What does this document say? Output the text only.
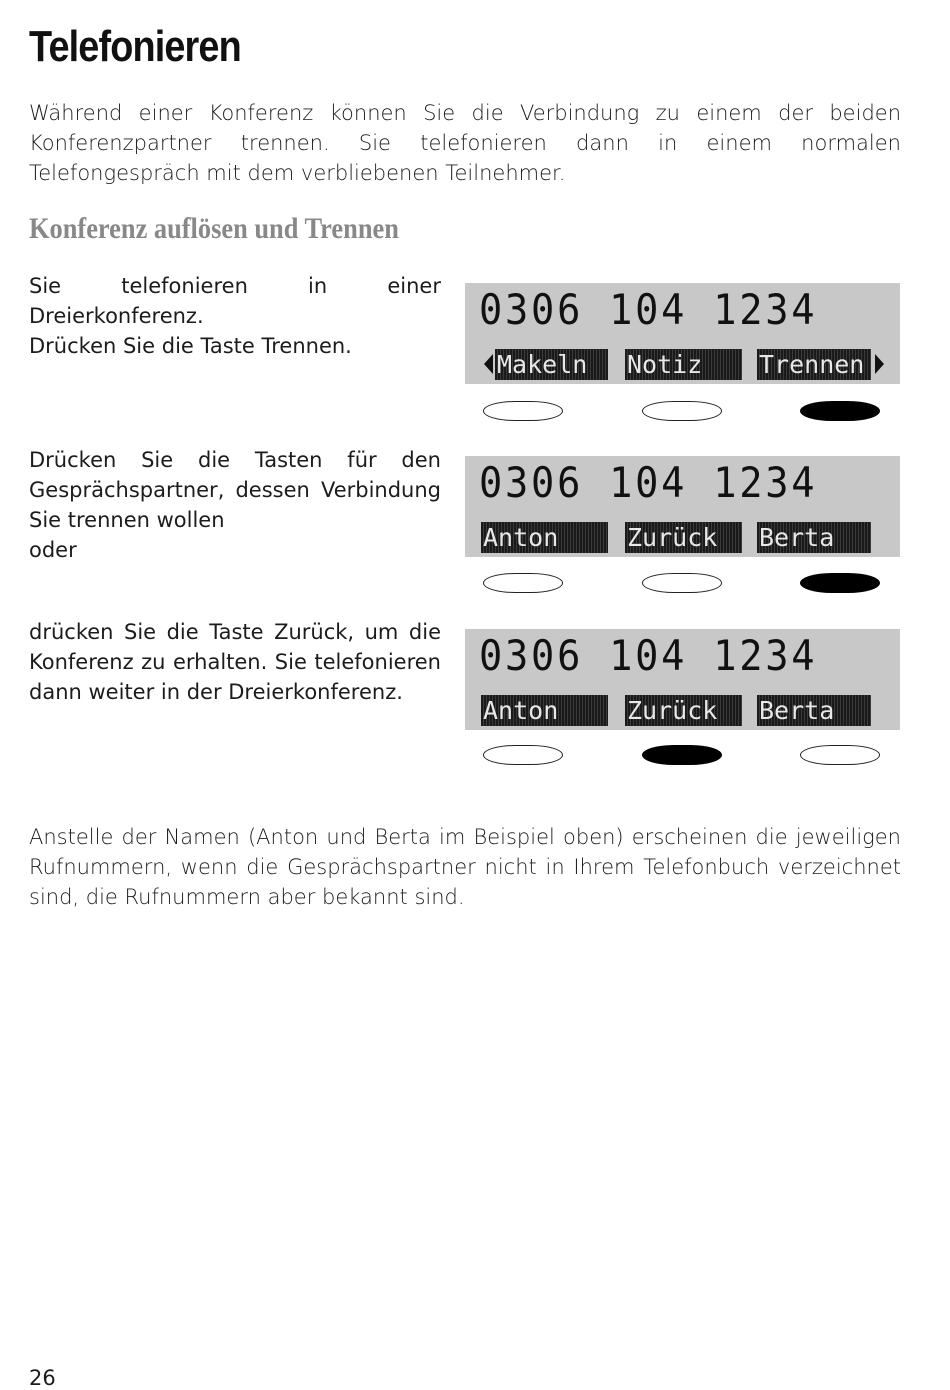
Telefonieren

Während einer Konferenz können Sie die Verbindung zu einem der beiden Konferenzpartner trennen. Sie telefonieren dann in einem normalen Telefongespräch mit dem verbliebenen Teilnehmer.

Konferenz auflösen und Trennen

Sie telefonieren in einer Dreierkonferenz.
Drücken Sie die Taste Trennen.

0306 104 1234
Makeln	Notiz	Trennen

Drücken Sie die Tasten für den Gesprächspartner, dessen Verbindung Sie trennen wollen
oder

0306 104 1234
Anton	Zurück	Berta

drücken Sie die Taste Zurück, um die Konferenz zu erhalten. Sie telefonieren dann weiter in der Dreierkonferenz.

0306 104 1234
Anton	Zurück	Berta

Anstelle der Namen (Anton und Berta im Beispiel oben) erscheinen die jeweiligen Rufnummern, wenn die Gesprächspartner nicht in Ihrem Telefonbuch verzeichnet sind, die Rufnummern aber bekannt sind.

26
